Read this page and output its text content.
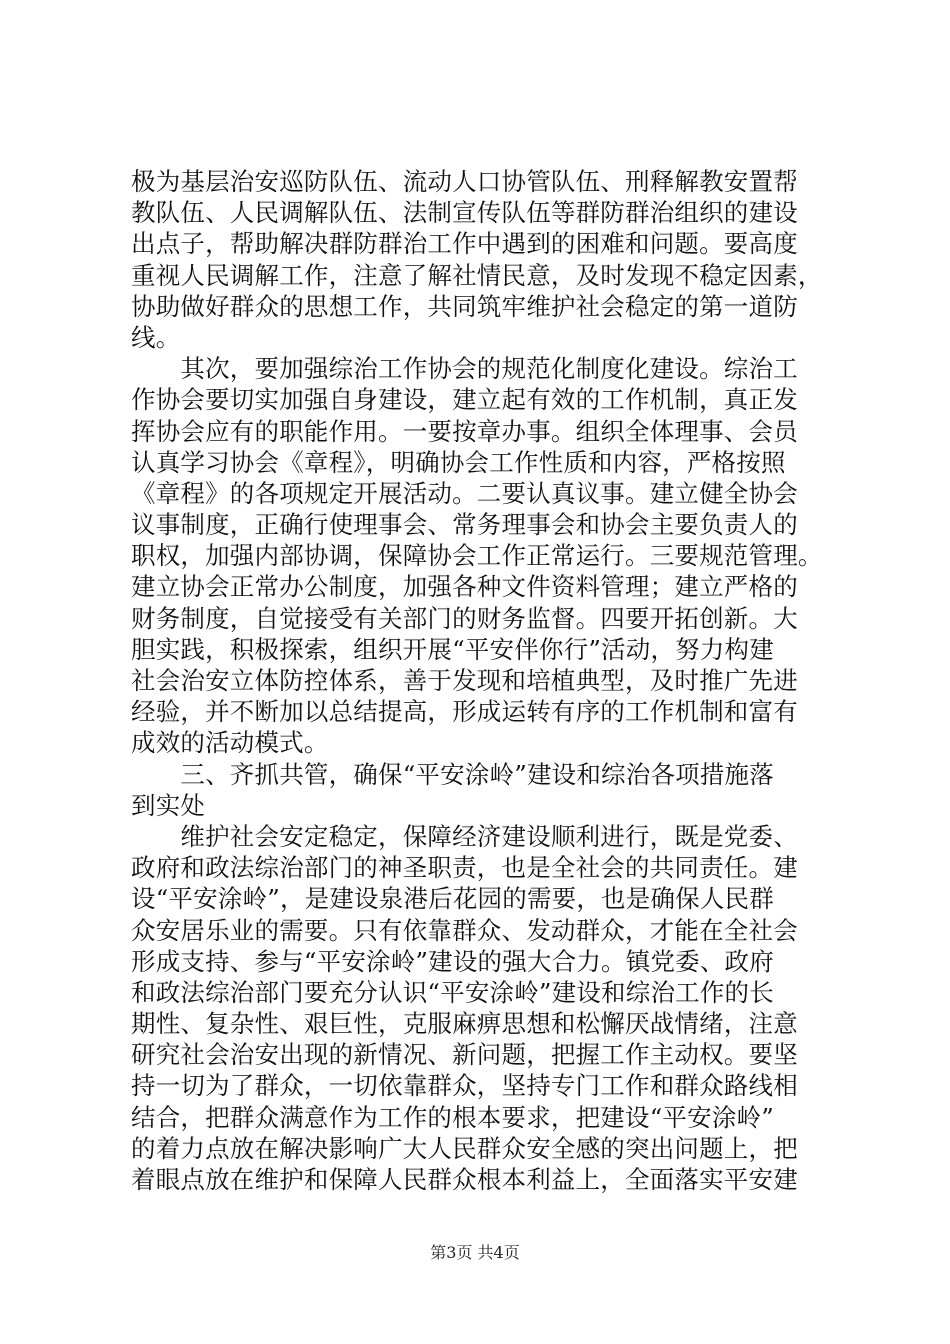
极为基层治安巡防队伍、流动人口协管队伍、刑释解教安置帮
教队伍、人民调解队伍、法制宣传队伍等群防群治组织的建设
出点子，帮助解决群防群治工作中遇到的困难和问题。要高度
重视人民调解工作，注意了解社情民意，及时发现不稳定因素，
协助做好群众的思想工作，共同筑牢维护社会稳定的第一道防
线。
　　其次，要加强综治工作协会的规范化制度化建设。综治工
作协会要切实加强自身建设，建立起有效的工作机制，真正发
挥协会应有的职能作用。一要按章办事。组织全体理事、会员
认真学习协会《章程》，明确协会工作性质和内容，严格按照
《章程》的各项规定开展活动。二要认真议事。建立健全协会
议事制度，正确行使理事会、常务理事会和协会主要负责人的
职权，加强内部协调，保障协会工作正常运行。三要规范管理。
建立协会正常办公制度，加强各种文件资料管理；建立严格的
财务制度，自觉接受有关部门的财务监督。四要开拓创新。大
胆实践，积极探索，组织开展“平安伴你行”活动，努力构建
社会治安立体防控体系，善于发现和培植典型，及时推广先进
经验，并不断加以总结提高，形成运转有序的工作机制和富有
成效的活动模式。
　　三、齐抓共管，确保“平安涂岭”建设和综治各项措施落
到实处
　　维护社会安定稳定，保障经济建设顺利进行，既是党委、
政府和政法综治部门的神圣职责，也是全社会的共同责任。建
设“平安涂岭”，是建设泉港后花园的需要，也是确保人民群
众安居乐业的需要。只有依靠群众、发动群众，才能在全社会
形成支持、参与“平安涂岭”建设的强大合力。镇党委、政府
和政法综治部门要充分认识“平安涂岭”建设和综治工作的长
期性、复杂性、艰巨性，克服麻痹思想和松懈厌战情绪，注意
研究社会治安出现的新情况、新问题，把握工作主动权。要坚
持一切为了群众，一切依靠群众，坚持专门工作和群众路线相
结合，把群众满意作为工作的根本要求，把建设“平安涂岭”
的着力点放在解决影响广大人民群众安全感的突出问题上，把
着眼点放在维护和保障人民群众根本利益上，全面落实平安建
第3页 共4页
